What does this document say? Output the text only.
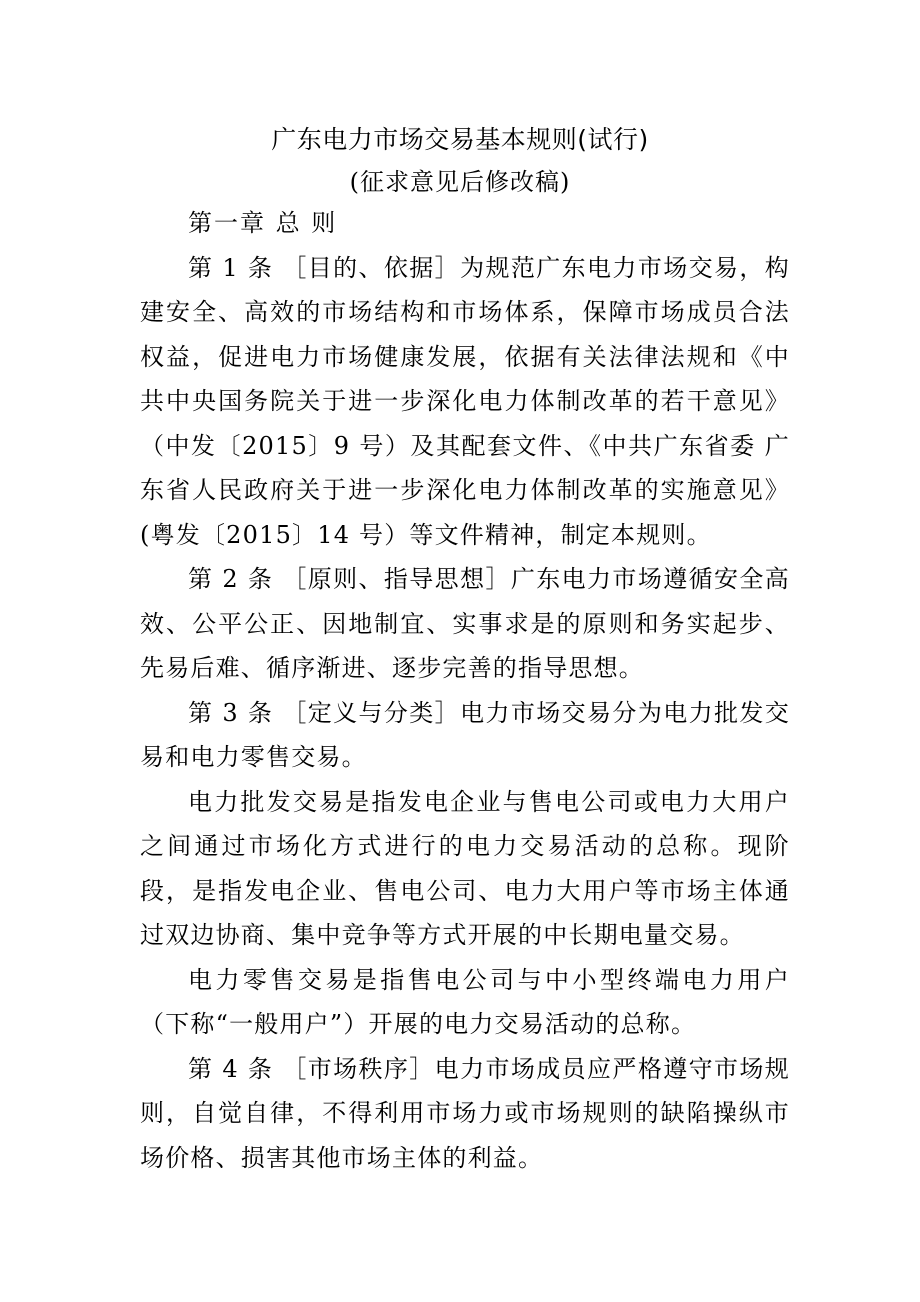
广东电力市场交易基本规则(试行)
(征求意见后修改稿)
第一章 总 则

第 1 条 ［目的、依据］为规范广东电力市场交易，构建安全、高效的市场结构和市场体系，保障市场成员合法权益，促进电力市场健康发展，依据有关法律法规和《中共中央国务院关于进一步深化电力体制改革的若干意见》（中发〔2015〕9 号）及其配套文件、《中共广东省委 广东省人民政府关于进一步深化电力体制改革的实施意见》(粤发〔2015〕14 号）等文件精神，制定本规则。

第 2 条 ［原则、指导思想］广东电力市场遵循安全高效、公平公正、因地制宜、实事求是的原则和务实起步、先易后难、循序渐进、逐步完善的指导思想。

第 3 条 ［定义与分类］电力市场交易分为电力批发交易和电力零售交易。

电力批发交易是指发电企业与售电公司或电力大用户之间通过市场化方式进行的电力交易活动的总称。现阶段，是指发电企业、售电公司、电力大用户等市场主体通过双边协商、集中竞争等方式开展的中长期电量交易。

电力零售交易是指售电公司与中小型终端电力用户（下称“一般用户”）开展的电力交易活动的总称。

第 4 条 ［市场秩序］电力市场成员应严格遵守市场规则，自觉自律，不得利用市场力或市场规则的缺陷操纵市场价格、损害其他市场主体的利益。
